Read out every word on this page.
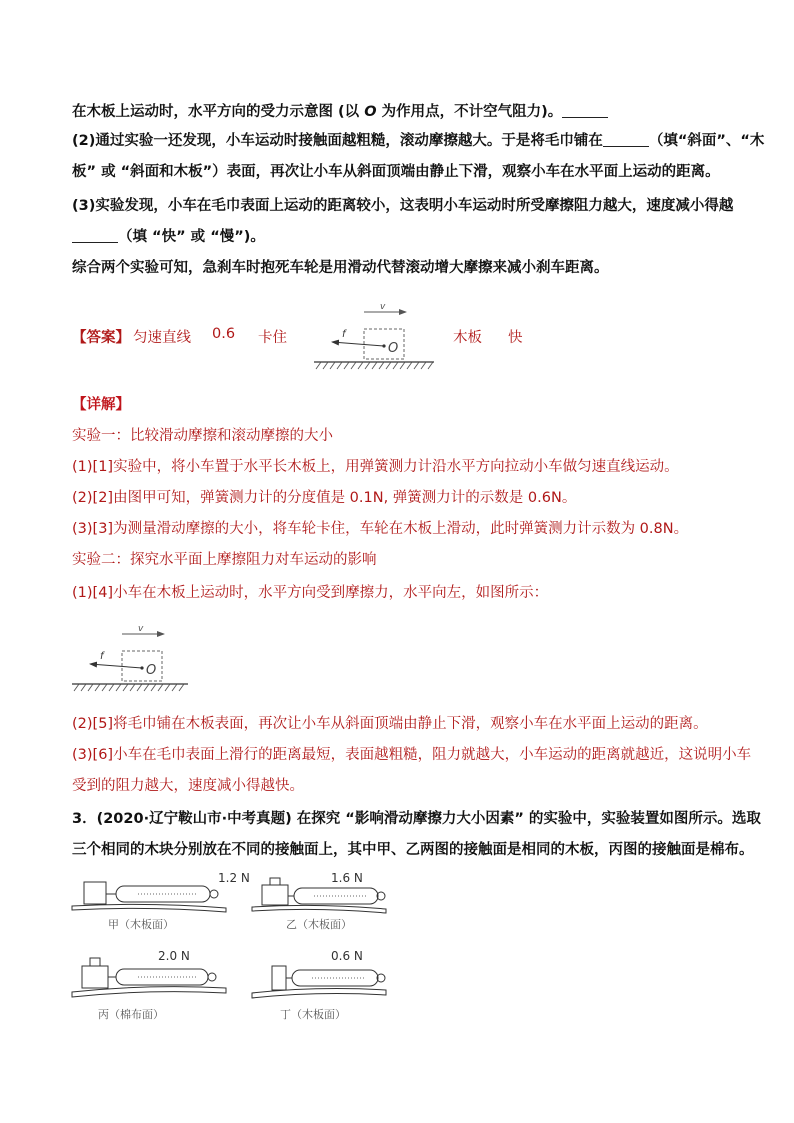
在木板上运动时，水平方向的受力示意图 (以 O 为作用点，不计空气阻力)。
(2)通过实验一还发现，小车运动时接触面越粗糙，滚动摩擦越大。于是将毛巾铺在	（填“斜面”、“木
板” 或 “斜面和木板”）表面，再次让小车从斜面顶端由静止下滑，观察小车在水平面上运动的距离。
(3)实验发现，小车在毛巾表面上运动的距离较小，这表明小车运动时所受摩擦阻力越大，速度减小得越
（填 “快” 或 “慢”)。
综合两个实验可知，急刹车时抱死车轮是用滑动代替滚动增大摩擦来减小刹车距离。
【答案】 匀速直线 0.6 卡住	木板 快
v
f
O
【详解】
实验一：比较滑动摩擦和滚动摩擦的大小
(1)[1]实验中，将小车置于水平长木板上，用弹簧测力计沿水平方向拉动小车做匀速直线运动。
(2)[2]由图甲可知，弹簧测力计的分度值是 0.1N, 弹簧测力计的示数是 0.6N。
(3)[3]为测量滑动摩擦的大小，将车轮卡住，车轮在木板上滑动，此时弹簧测力计示数为 0.8N。
实验二：探究水平面上摩擦阻力对车运动的影响
(1)[4]小车在木板上运动时，水平方向受到摩擦力，水平向左，如图所示：
v
f
O
(2)[5]将毛巾铺在木板表面，再次让小车从斜面顶端由静止下滑，观察小车在水平面上运动的距离。
(3)[6]小车在毛巾表面上滑行的距离最短，表面越粗糙，阻力就越大，小车运动的距离就越近，这说明小车
受到的阻力越大，速度减小得越快。
3．(2020·辽宁鞍山市·中考真题) 在探究 “影响滑动摩擦力大小因素” 的实验中，实验装置如图所示。选取
三个相同的木块分别放在不同的接触面上，其中甲、乙两图的接触面是相同的木板，丙图的接触面是棉布。
1.2 N
甲（木板面）
1.6 N
乙（木板面）
2.0 N
丙（棉布面）
0.6 N
丁（木板面）
